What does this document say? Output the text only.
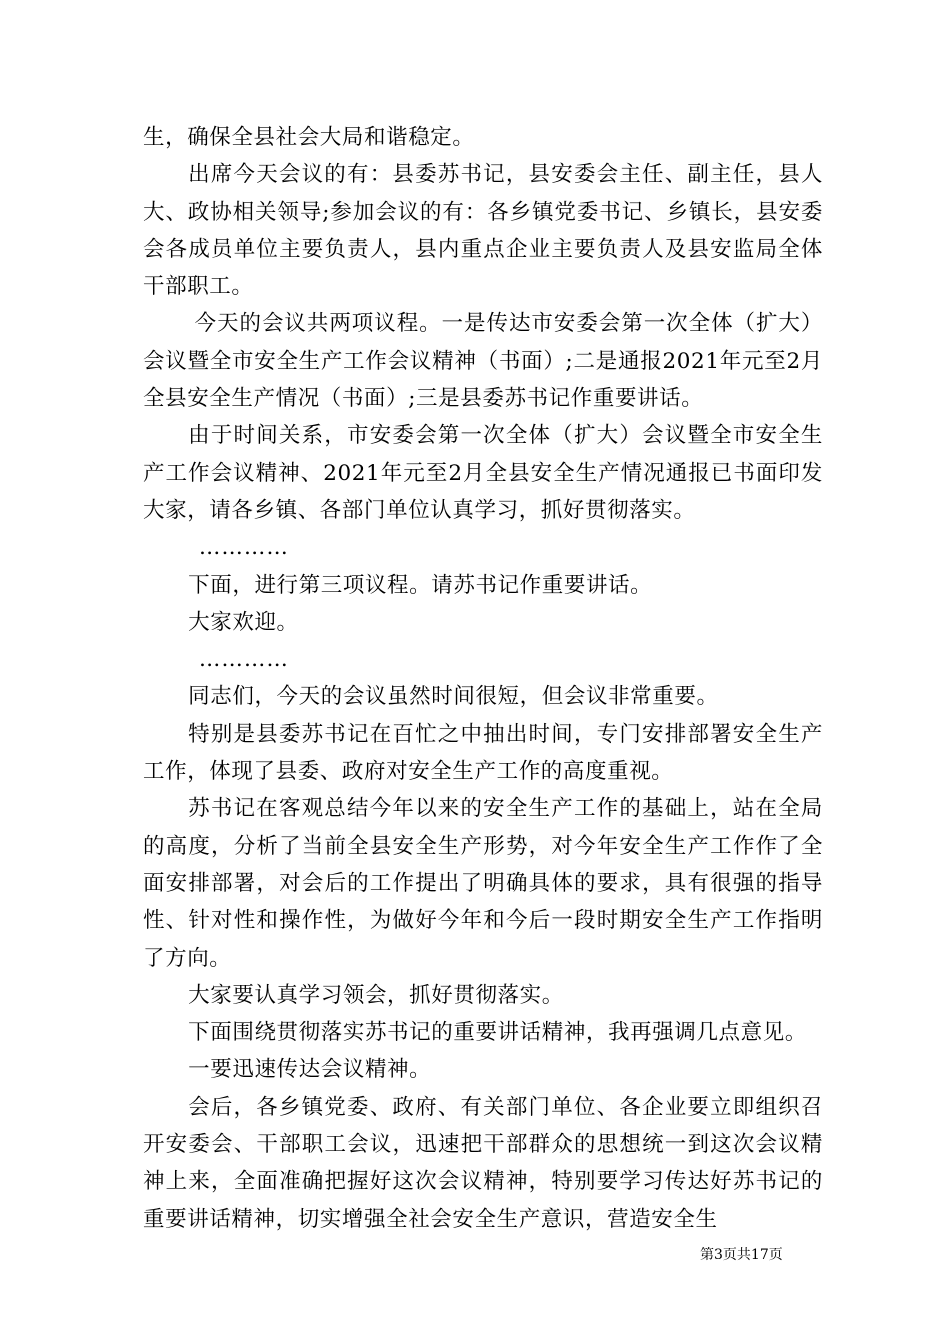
生，确保全县社会大局和谐稳定。

出席今天会议的有：县委苏书记，县安委会主任、副主任，县人大、政协相关领导;参加会议的有：各乡镇党委书记、乡镇长，县安委会各成员单位主要负责人，县内重点企业主要负责人及县安监局全体干部职工。

今天的会议共两项议程。一是传达市安委会第一次全体（扩大）会议暨全市安全生产工作会议精神（书面）;二是通报2021年元至2月全县安全生产情况（书面）;三是县委苏书记作重要讲话。

由于时间关系，市安委会第一次全体（扩大）会议暨全市安全生产工作会议精神、2021年元至2月全县安全生产情况通报已书面印发大家，请各乡镇、各部门单位认真学习，抓好贯彻落实。

…………

下面，进行第三项议程。请苏书记作重要讲话。

大家欢迎。

…………

同志们，今天的会议虽然时间很短，但会议非常重要。

特别是县委苏书记在百忙之中抽出时间，专门安排部署安全生产工作，体现了县委、政府对安全生产工作的高度重视。

苏书记在客观总结今年以来的安全生产工作的基础上，站在全局的高度，分析了当前全县安全生产形势，对今年安全生产工作作了全面安排部署，对会后的工作提出了明确具体的要求，具有很强的指导性、针对性和操作性，为做好今年和今后一段时期安全生产工作指明了方向。

大家要认真学习领会，抓好贯彻落实。

下面围绕贯彻落实苏书记的重要讲话精神，我再强调几点意见。

一要迅速传达会议精神。

会后，各乡镇党委、政府、有关部门单位、各企业要立即组织召开安委会、干部职工会议，迅速把干部群众的思想统一到这次会议精神上来，全面准确把握好这次会议精神，特别要学习传达好苏书记的重要讲话精神，切实增强全社会安全生产意识，营造安全生

第3页共17页
